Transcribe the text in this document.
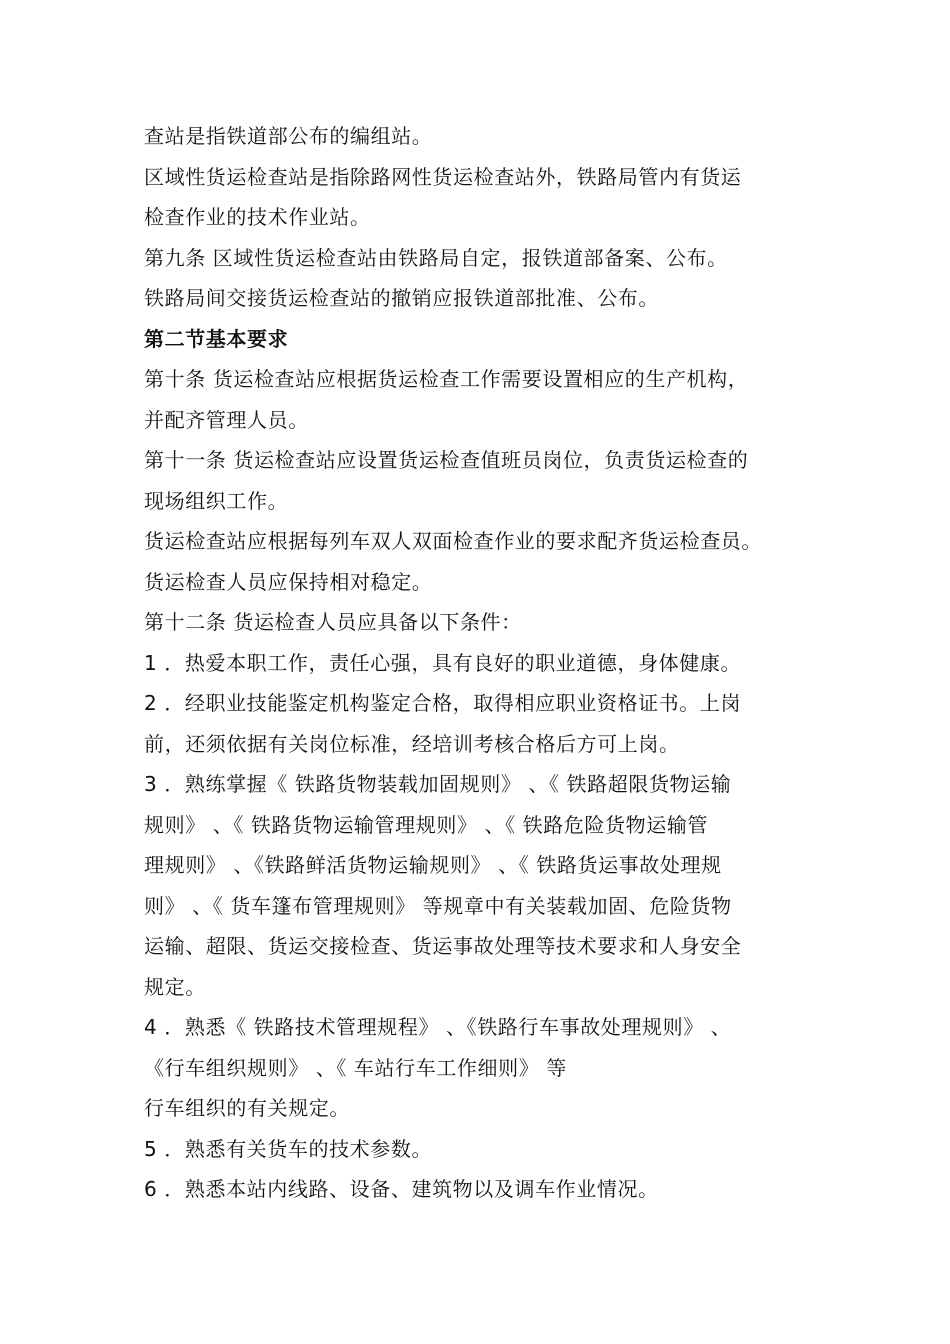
查站是指铁道部公布的编组站。
区域性货运检查站是指除路网性货运检查站外，铁路局管内有货运
检查作业的技术作业站。
第九条 区域性货运检查站由铁路局自定，报铁道部备案、公布。
铁路局间交接货运检查站的撤销应报铁道部批准、公布。
第二节基本要求
第十条 货运检查站应根据货运检查工作需要设置相应的生产机构，
并配齐管理人员。
第十一条 货运检查站应设置货运检查值班员岗位，负责货运检查的
现场组织工作。
货运检查站应根据每列车双人双面检查作业的要求配齐货运检查员。
货运检查人员应保持相对稳定。
第十二条 货运检查人员应具备以下条件：
1 ．热爱本职工作，责任心强，具有良好的职业道德，身体健康。
2 ．经职业技能鉴定机构鉴定合格，取得相应职业资格证书。上岗
前，还须依据有关岗位标准，经培训考核合格后方可上岗。
3 ．熟练掌握《 铁路货物装载加固规则》 、《 铁路超限货物运输
规则》 、《 铁路货物运输管理规则》 、《 铁路危险货物运输管
理规则》 、《铁路鲜活货物运输规则》 、《 铁路货运事故处理规
则》 、《 货车篷布管理规则》 等规章中有关装载加固、危险货物
运输、超限、货运交接检查、货运事故处理等技术要求和人身安全
规定。
4 ．熟悉《 铁路技术管理规程》 、《铁路行车事故处理规则》 、
《行车组织规则》 、《 车站行车工作细则》 等
行车组织的有关规定。
5 ．熟悉有关货车的技术参数。
6 ．熟悉本站内线路、设备、建筑物以及调车作业情况。
